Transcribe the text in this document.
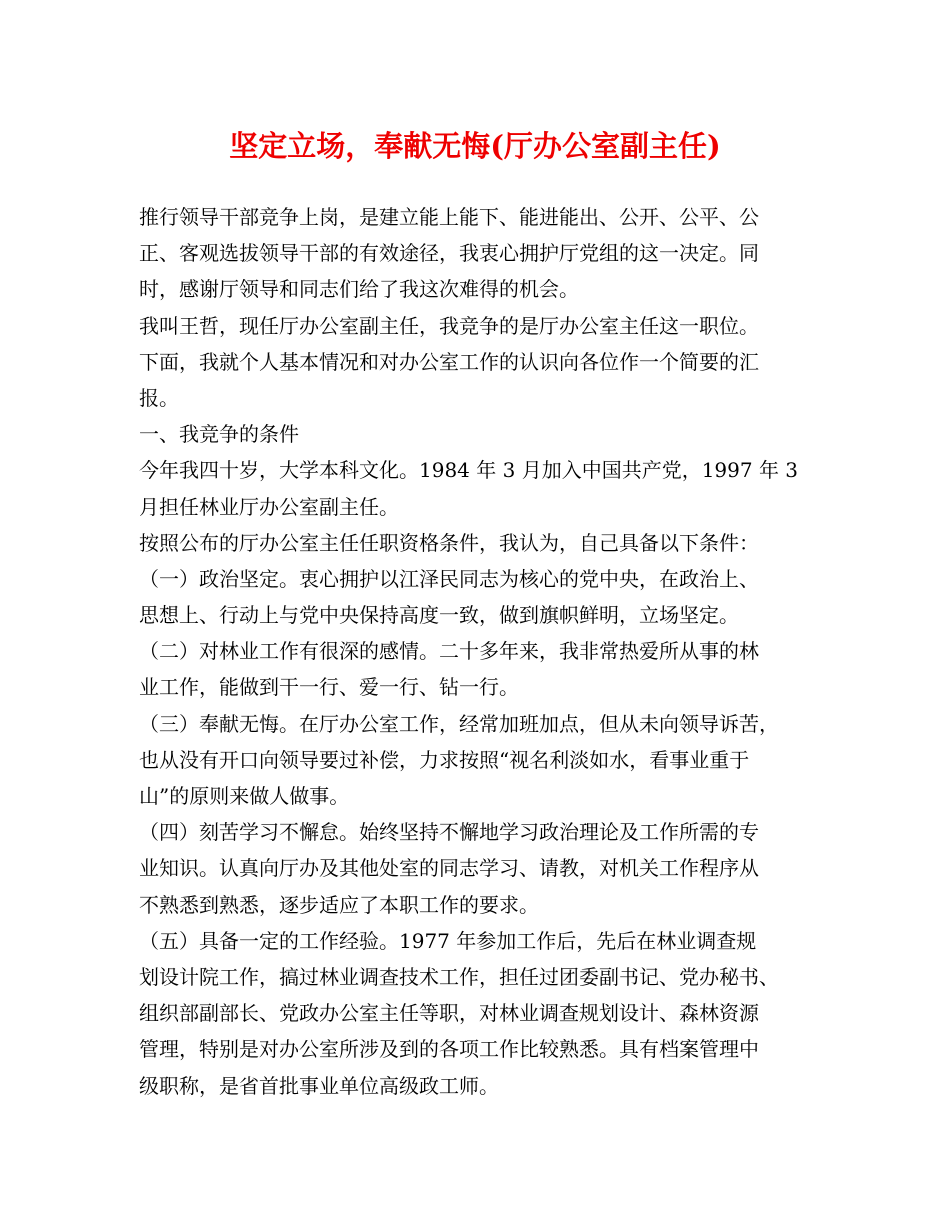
坚定立场，奉献无悔(厅办公室副主任)
推行领导干部竞争上岗，是建立能上能下、能进能出、公开、公平、公
正、客观选拔领导干部的有效途径，我衷心拥护厅党组的这一决定。同
时，感谢厅领导和同志们给了我这次难得的机会。
我叫王哲，现任厅办公室副主任，我竞争的是厅办公室主任这一职位。
下面，我就个人基本情况和对办公室工作的认识向各位作一个简要的汇
报。
一、我竞争的条件
今年我四十岁，大学本科文化。1984 年 3 月加入中国共产党，1997 年 3
月担任林业厅办公室副主任。
按照公布的厅办公室主任任职资格条件，我认为，自己具备以下条件：
（一）政治坚定。衷心拥护以江泽民同志为核心的党中央，在政治上、
思想上、行动上与党中央保持高度一致，做到旗帜鲜明，立场坚定。
（二）对林业工作有很深的感情。二十多年来，我非常热爱所从事的林
业工作，能做到干一行、爱一行、钻一行。
（三）奉献无悔。在厅办公室工作，经常加班加点，但从未向领导诉苦，
也从没有开口向领导要过补偿，力求按照“视名利淡如水，看事业重于
山”的原则来做人做事。
（四）刻苦学习不懈怠。始终坚持不懈地学习政治理论及工作所需的专
业知识。认真向厅办及其他处室的同志学习、请教，对机关工作程序从
不熟悉到熟悉，逐步适应了本职工作的要求。
（五）具备一定的工作经验。1977 年参加工作后，先后在林业调查规
划设计院工作，搞过林业调查技术工作，担任过团委副书记、党办秘书、
组织部副部长、党政办公室主任等职，对林业调查规划设计、森林资源
管理，特别是对办公室所涉及到的各项工作比较熟悉。具有档案管理中
级职称，是省首批事业单位高级政工师。
